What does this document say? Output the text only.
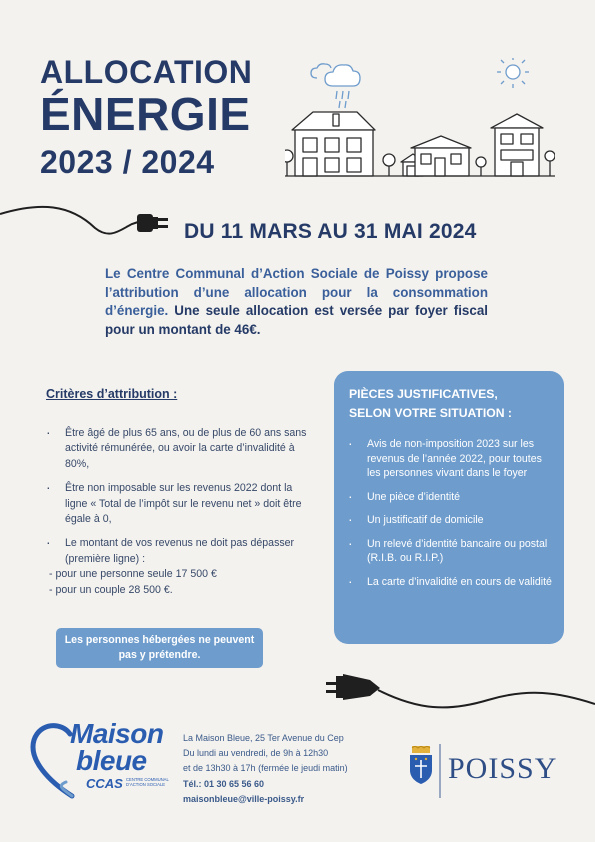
ALLOCATION
ÉNERGIE
2023 / 2024
DU 11 MARS AU 31 MAI 2024
Le Centre Communal d’Action Sociale de Poissy propose l’attribution d’une allocation pour la consommation d’énergie. Une seule allocation est versée par foyer fiscal pour un montant de 46€.
Critères d’attribution :
· Être âgé de plus 65 ans, ou de plus de 60 ans sans activité rémunérée, ou avoir la carte d’invalidité à 80%,
· Être non imposable sur les revenus 2022 dont la ligne « Total de l’impôt sur le revenu net » doit être égale à 0,
· Le montant de vos revenus ne doit pas dépasser (première ligne) :
- pour une personne seule 17 500 €
- pour un couple 28 500 €.
Les personnes hébergées ne peuvent pas y prétendre.
PIÈCES JUSTIFICATIVES,
SELON VOTRE SITUATION :
· Avis de non-imposition 2023 sur les revenus de l’année 2022, pour toutes les personnes vivant dans le foyer
· Une pièce d’identité
· Un justificatif de domicile
· Un relevé d’identité bancaire ou postal (R.I.B. ou R.I.P.)
· La carte d’invalidité en cours de validité
Maison
bleue
CCAS CENTRE COMMUNAL D’ACTION SOCIALE
La Maison Bleue, 25 Ter Avenue du Cep
Du lundi au vendredi, de 9h à 12h30
et de 13h30 à 17h (fermée le jeudi matin)
Tél.: 01 30 65 56 60
maisonbleue@ville-poissy.fr
POISSY
